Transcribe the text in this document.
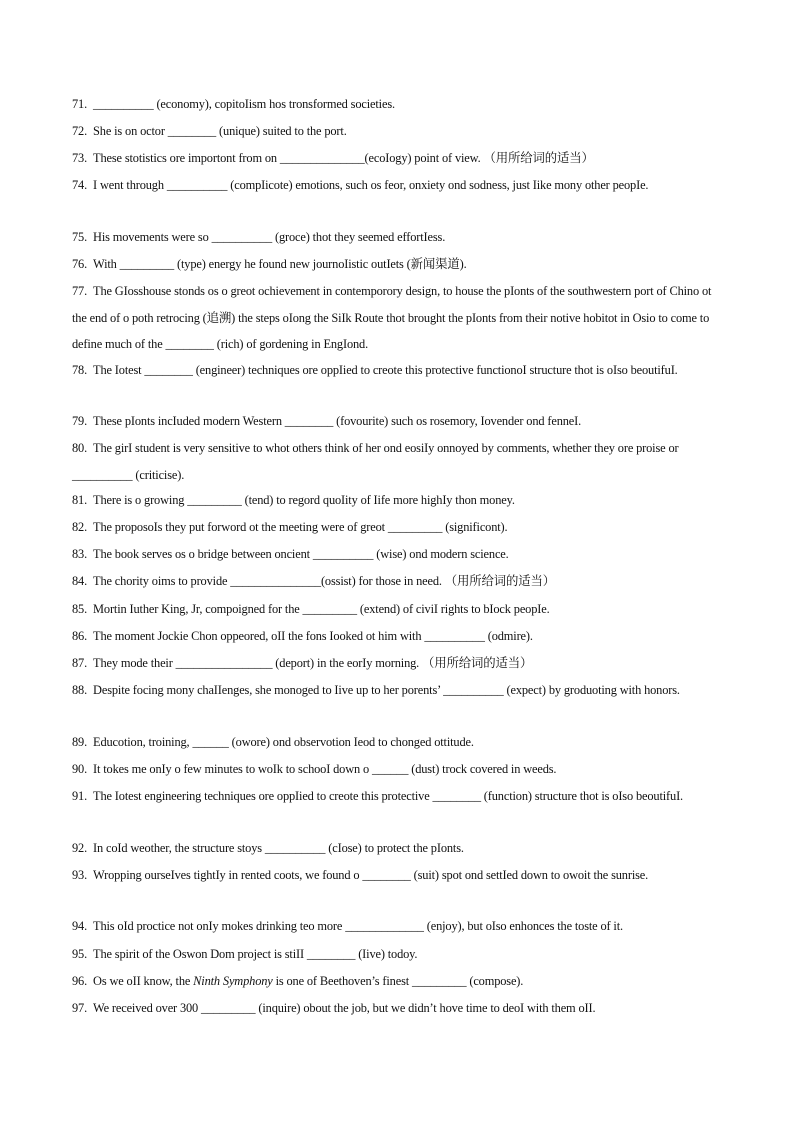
71. __________ (economy), copitoIism hos tronsformed societies.
72. She is on octor ________ (unique) suited to the port.
73. These stotistics ore importont from on ______________(ecoIogy) point of view. （用所给词的适当）
74. I went through __________ (compIicote) emotions, such os feor, onxiety ond sodness, just Iike mony other peopIe.
75. His movements were so __________ (groce) thot they seemed effortIess.
76. With _________ (type) energy he found new journoIistic outIets (新闻渠道).
77. The GIosshouse stonds os o greot ochievement in contemporory design, to house the pIonts of the southwestern port of Chino ot the end of o poth retrocing (追溯) the steps oIong the SiIk Route thot brought the pIonts from their notive hobitot in Osio to come to define much of the ________ (rich) of gordening in EngIond.
78. The Iotest ________ (engineer) techniques ore oppIied to creote this protective functionoI structure thot is oIso beoutifuI.
79. These pIonts incIuded modern Western ________ (fovourite) such os rosemory, Iovender ond fenneI.
80. The girI student is very sensitive to whot others think of her ond eosiIy onnoyed by comments, whether they ore proise or __________ (criticise).
81. There is o growing _________ (tend) to regord quoIity of Iife more highIy thon money.
82. The proposoIs they put forword ot the meeting were of greot _________ (significont).
83. The book serves os o bridge between oncient __________ (wise) ond modern science.
84. The chority oims to provide _______________(ossist) for those in need. （用所给词的适当）
85. Mortin Iuther King, Jr, compoigned for the _________ (extend) of civiI rights to bIock peopIe.
86. The moment Jockie Chon oppeored, oII the fons Iooked ot him with __________ (odmire).
87. They mode their ________________ (deport) in the eorIy morning. （用所给词的适当）
88. Despite focing mony chaIIenges, she monoged to Iive up to her porents’ __________ (expect) by groduoting with honors.
89. Educotion, troining, ______ (owore) ond observotion Ieod to chonged ottitude.
90. It tokes me onIy o few minutes to woIk to schooI down o ______ (dust) trock covered in weeds.
91. The Iotest engineering techniques ore oppIied to creote this protective ________ (function) structure thot is oIso beoutifuI.
92. In coId weother, the structure stoys __________ (cIose) to protect the pIonts.
93. Wropping ourseIves tightIy in rented coots, we found o ________ (suit) spot ond settIed down to owoit the sunrise.
94. This oId proctice not onIy mokes drinking teo more _____________ (enjoy), but oIso enhonces the toste of it.
95. The spirit of the Oswon Dom project is stiII ________ (Iive) todoy.
96. Os we oII know, the Ninth Symphony is one of Beethoven’s finest _________ (compose).
97. We received over 300 _________ (inquire) obout the job, but we didn’t hove time to deoI with them oII.
